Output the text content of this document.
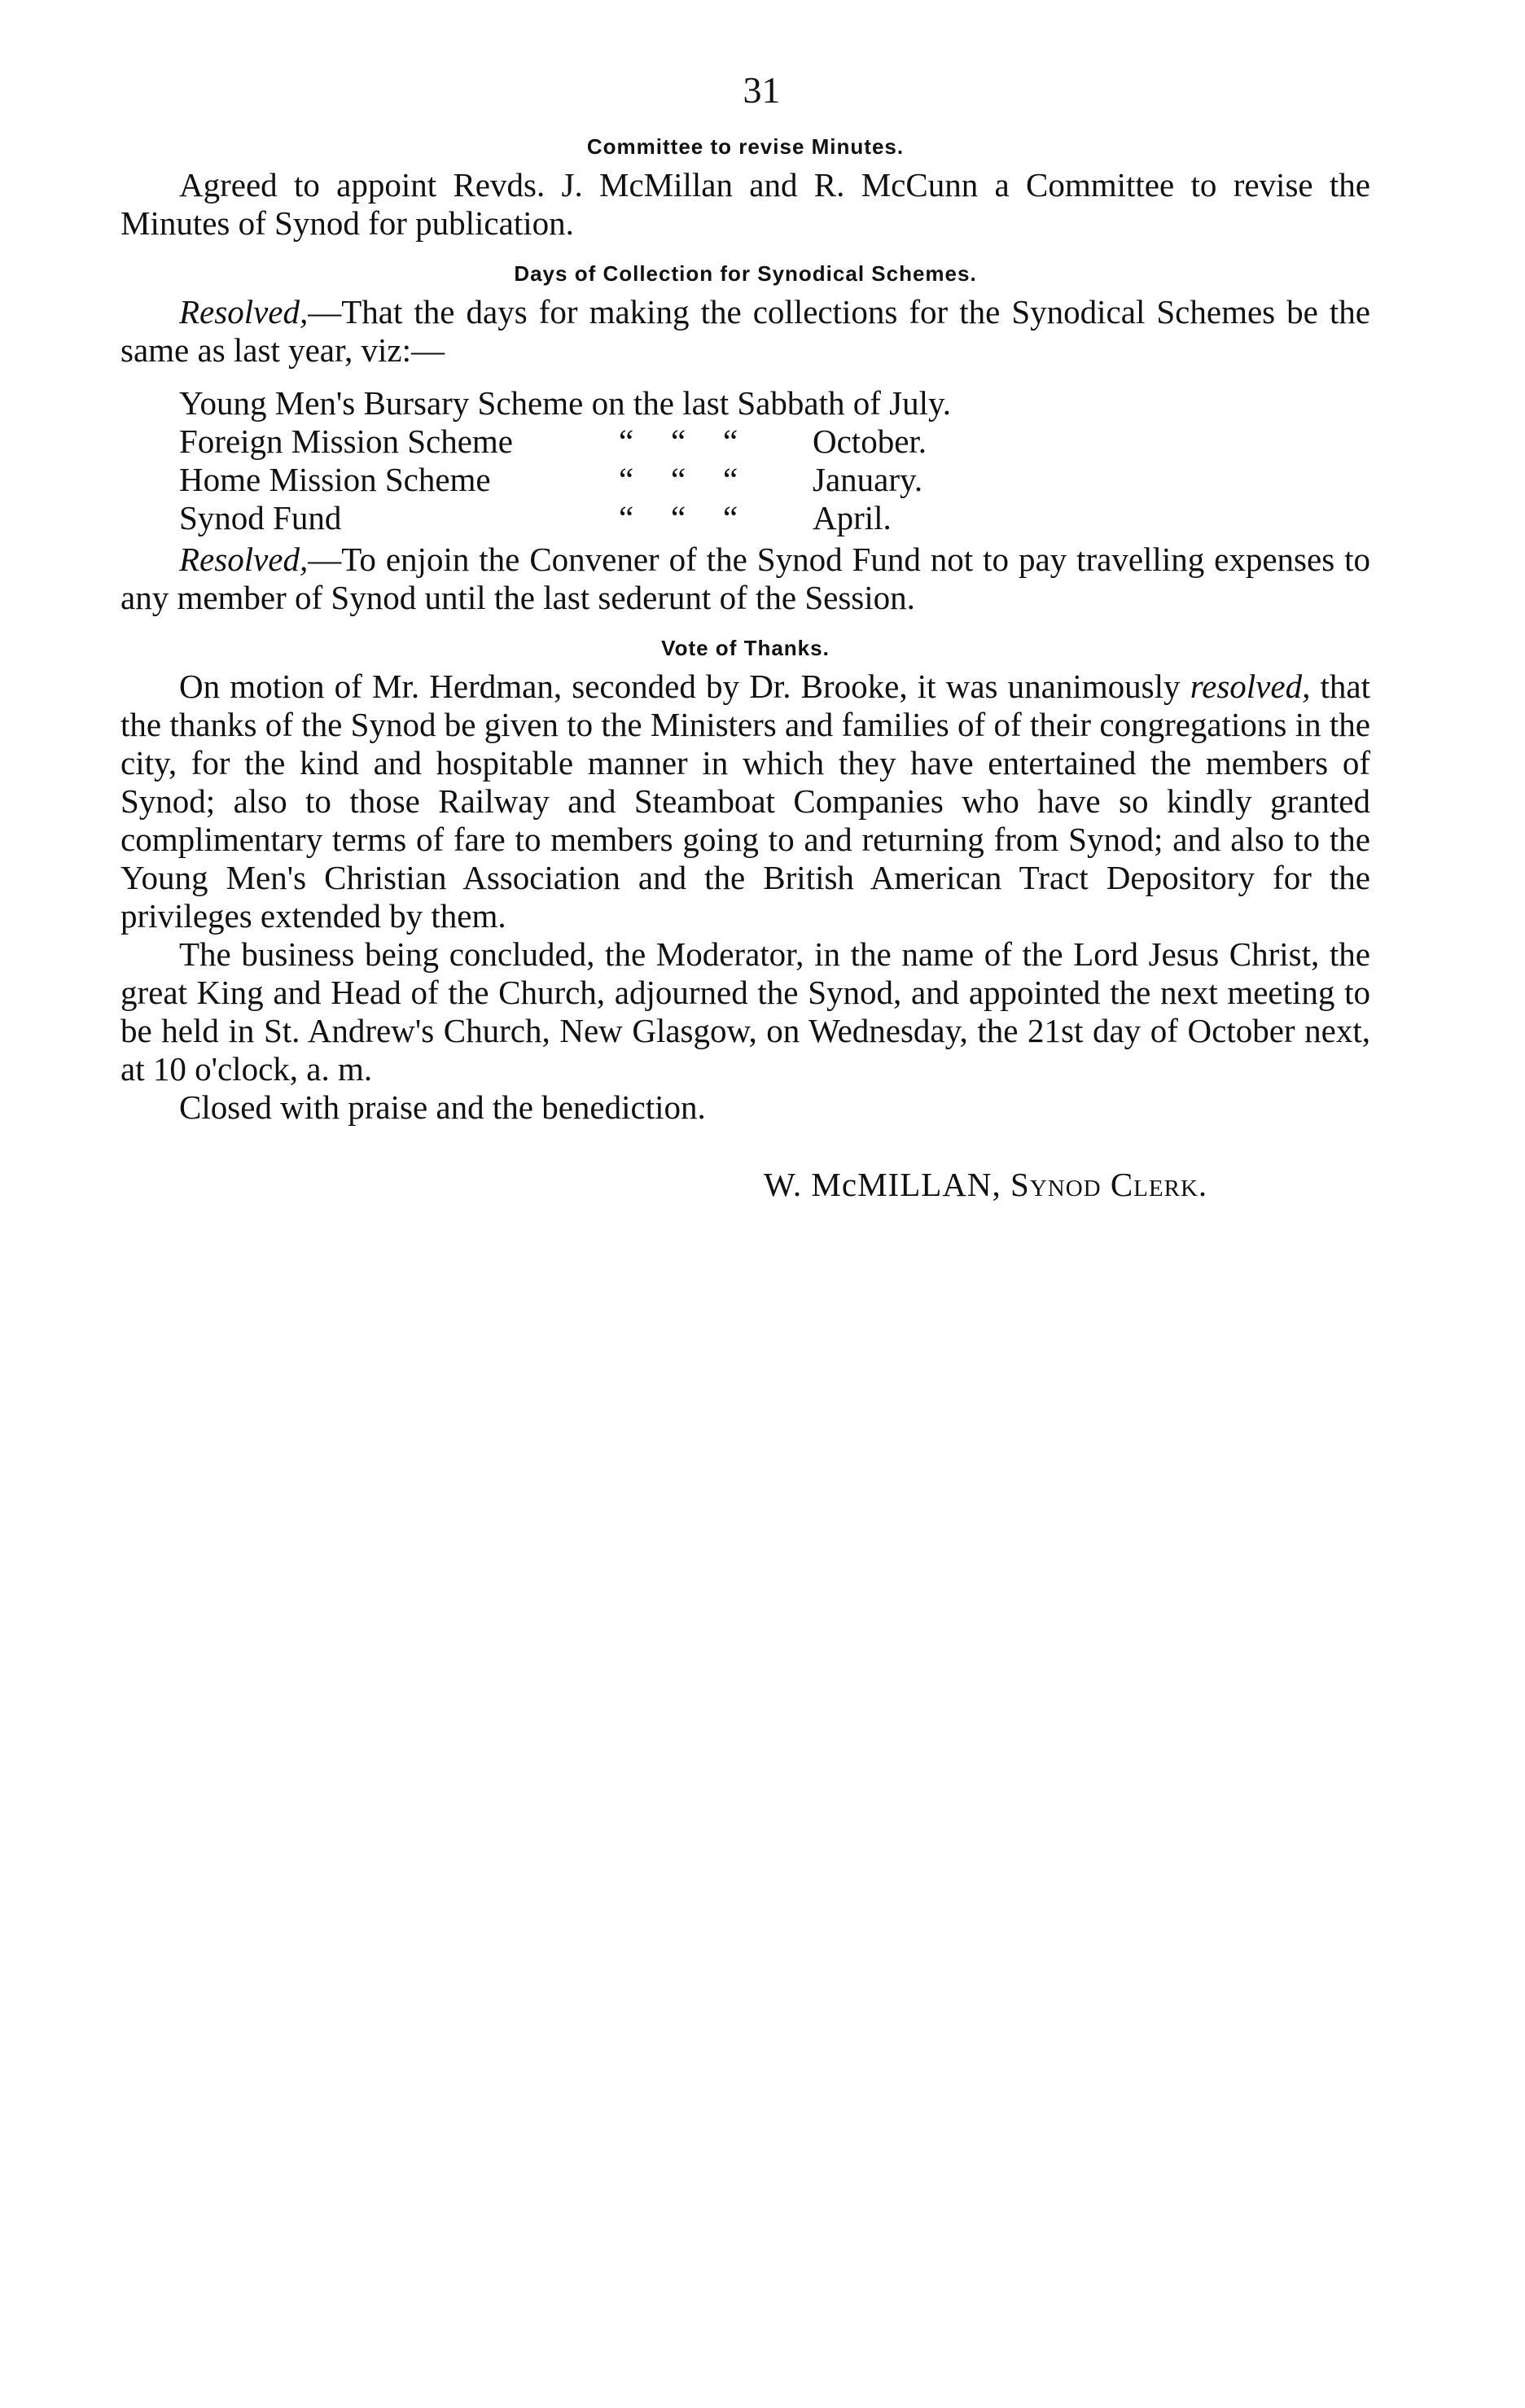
31
Committee to revise Minutes.

Agreed to appoint Revds. J. McMillan and R. McCunn a Committee to revise the Minutes of Synod for publication.

Days of Collection for Synodical Schemes.

Resolved,—That the days for making the collections for the Synodical Schemes be the same as last year, viz:—

Young Men's Bursary Scheme on the last Sabbath of July.
Foreign Mission Scheme	“	“	“	October.
Home Mission Scheme	“	“	“	January.
Synod Fund	“	“	“	April.

Resolved,—To enjoin the Convener of the Synod Fund not to pay travelling expenses to any member of Synod until the last sederunt of the Session.

Vote of Thanks.

On motion of Mr. Herdman, seconded by Dr. Brooke, it was unanimously resolved, that the thanks of the Synod be given to the Ministers and families of of their congregations in the city, for the kind and hospitable manner in which they have entertained the members of Synod; also to those Railway and Steamboat Companies who have so kindly granted complimentary terms of fare to members going to and returning from Synod; and also to the Young Men's Christian Association and the British American Tract Depository for the privileges extended by them.

The business being concluded, the Moderator, in the name of the Lord Jesus Christ, the great King and Head of the Church, adjourned the Synod, and appointed the next meeting to be held in St. Andrew's Church, New Glasgow, on Wednesday, the 21st day of October next, at 10 o'clock, a. m.

Closed with praise and the benediction.

W. McMILLAN, Synod Clerk.
